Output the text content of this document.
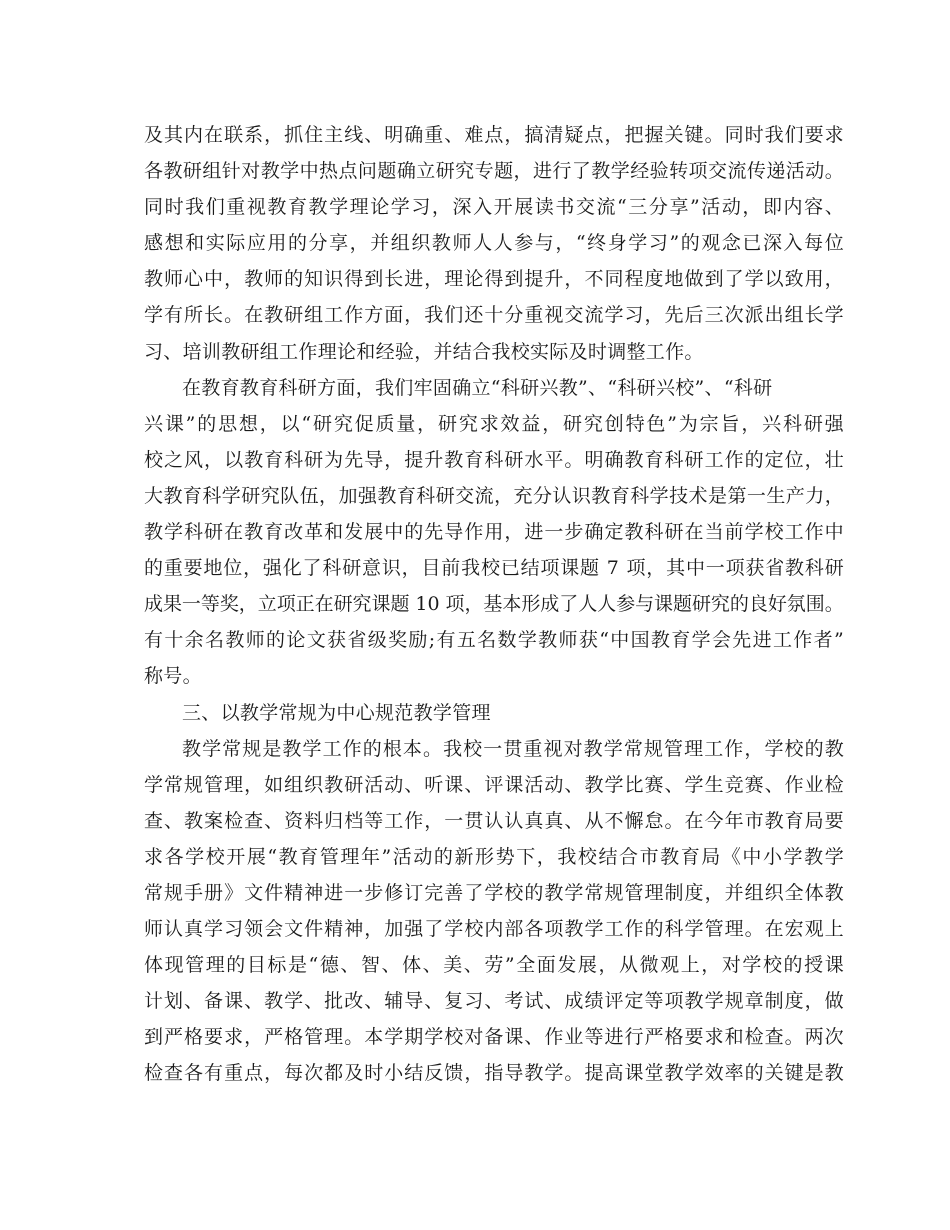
及其内在联系，抓住主线、明确重、难点，搞清疑点，把握关键。同时我们要求
各教研组针对教学中热点问题确立研究专题，进行了教学经验转项交流传递活动。
同时我们重视教育教学理论学习，深入开展读书交流“三分享”活动，即内容、
感想和实际应用的分享，并组织教师人人参与，“终身学习”的观念已深入每位
教师心中，教师的知识得到长进，理论得到提升，不同程度地做到了学以致用，
学有所长。在教研组工作方面，我们还十分重视交流学习，先后三次派出组长学
习、培训教研组工作理论和经验，并结合我校实际及时调整工作。
在教育教育科研方面，我们牢固确立“科研兴教”、“科研兴校”、“科研
兴课”的思想，以“研究促质量，研究求效益，研究创特色”为宗旨，兴科研强
校之风，以教育科研为先导，提升教育科研水平。明确教育科研工作的定位，壮
大教育科学研究队伍，加强教育科研交流，充分认识教育科学技术是第一生产力，
教学科研在教育改革和发展中的先导作用，进一步确定教科研在当前学校工作中
的重要地位，强化了科研意识，目前我校已结项课题 7 项，其中一项获省教科研
成果一等奖，立项正在研究课题 10 项，基本形成了人人参与课题研究的良好氛围。
有十余名教师的论文获省级奖励;有五名数学教师获“中国教育学会先进工作者”
称号。
三、以教学常规为中心规范教学管理
教学常规是教学工作的根本。我校一贯重视对教学常规管理工作，学校的教
学常规管理，如组织教研活动、听课、评课活动、教学比赛、学生竞赛、作业检
查、教案检查、资料归档等工作，一贯认认真真、从不懈怠。在今年市教育局要
求各学校开展“教育管理年”活动的新形势下，我校结合市教育局《中小学教学
常规手册》文件精神进一步修订完善了学校的教学常规管理制度，并组织全体教
师认真学习领会文件精神，加强了学校内部各项教学工作的科学管理。在宏观上
体现管理的目标是“德、智、体、美、劳”全面发展，从微观上，对学校的授课
计划、备课、教学、批改、辅导、复习、考试、成绩评定等项教学规章制度，做
到严格要求，严格管理。本学期学校对备课、作业等进行严格要求和检查。两次
检查各有重点，每次都及时小结反馈，指导教学。提高课堂教学效率的关键是教
